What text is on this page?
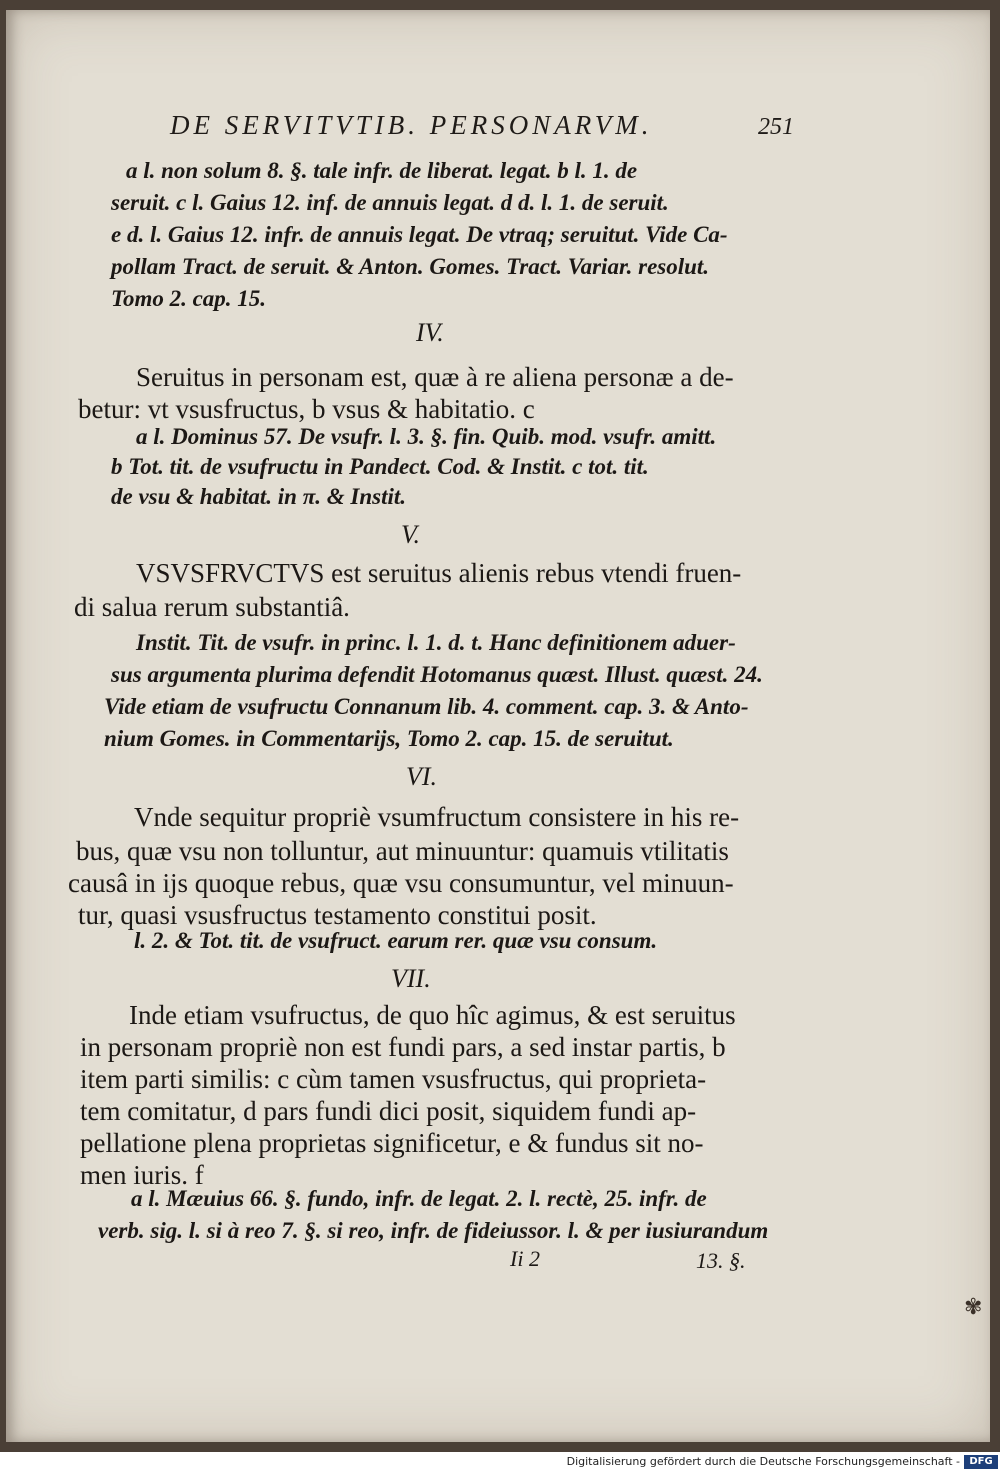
DE SERVITVTIB. PERSONARVM.	251
Ii 2	13. §.
✾
a l. non solum 8. §. tale infr. de liberat. legat. b l. 1. de
seruit. c l. Gaius 12. inf. de annuis legat. d d. l. 1. de seruit.
e d. l. Gaius 12. infr. de annuis legat. De vtraq; seruitut. Vide Ca-
pollam Tract. de seruit. & Anton. Gomes. Tract. Variar. resolut.
Tomo 2. cap. 15.
IV.
Seruitus in personam est, quæ à re aliena personæ a de-
betur: vt vsusfructus, b vsus & habitatio. c
a l. Dominus 57. De vsufr. l. 3. §. fin. Quib. mod. vsufr. amitt.
b Tot. tit. de vsufructu in Pandect. Cod. & Instit. c tot. tit.
de vsu & habitat. in π. & Instit.
V.
VSVSFRVCTVS est seruitus alienis rebus vtendi fruen-
di salua rerum substantiâ.
Instit. Tit. de vsufr. in princ. l. 1. d. t. Hanc definitionem aduer-
sus argumenta plurima defendit Hotomanus quæst. Illust. quæst. 24.
Vide etiam de vsufructu Connanum lib. 4. comment. cap. 3. & Anto-
nium Gomes. in Commentarijs, Tomo 2. cap. 15. de seruitut.
VI.
Vnde sequitur propriè vsumfructum consistere in his re-
bus, quæ vsu non tolluntur, aut minuuntur: quamuis vtilitatis
causâ in ijs quoque rebus, quæ vsu consumuntur, vel minuun-
tur, quasi vsusfructus testamento constitui posit.
l. 2. & Tot. tit. de vsufruct. earum rer. quæ vsu consum.
VII.
Inde etiam vsufructus, de quo hîc agimus, & est seruitus
in personam propriè non est fundi pars, a sed instar partis, b
item parti similis: c cùm tamen vsusfructus, qui proprieta-
tem comitatur, d pars fundi dici posit, siquidem fundi ap-
pellatione plena proprietas significetur, e & fundus sit no-
men iuris. f
a l. Mæuius 66. §. fundo, infr. de legat. 2. l. rectè, 25. infr. de
verb. sig. l. si à reo 7. §. si reo, infr. de fideiussor. l. & per iusiurandum
Digitalisierung gefördert durch die Deutsche Forschungsgemeinschaft - DFG
